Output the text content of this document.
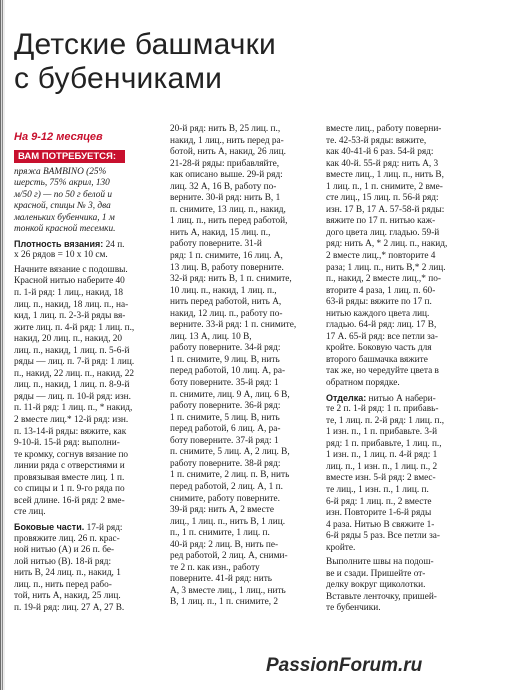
Детские башмачки
с бубенчиками
На 9-12 месяцев
ВАМ ПОТРЕБУЕТСЯ:
пряжа BAMBINO (25%
шерсть, 75% акрил, 130
м/50 г) — по 50 г белой и
красной, спицы № 3, два
маленьких бубенчика, 1 м
тонкой красной тесемки.
Плотность вязания: 24 п.
х 26 рядов = 10 х 10 см.
Начните вязание с подошвы.
Красной нитью наберите 40
п. 1-й ряд: 1 лиц., накид, 18
лиц. п., накид, 18 лиц. п., на-
кид, 1 лиц. п. 2-3-й ряды вя-
жите лиц. п. 4-й ряд: 1 лиц. п.,
накид, 20 лиц. п., накид, 20
лиц. п., накид, 1 лиц. п. 5-6-й
ряды — лиц. п. 7-й ряд: 1 лиц.
п., накид, 22 лиц. п., накид, 22
лиц. п., накид, 1 лиц. п. 8-9-й
ряды — лиц. п. 10-й ряд: изн.
п. 11-й ряд: 1 лиц. п., * накид,
2 вместе лиц.* 12-й ряд: изн.
п. 13-14-й ряды: вяжите, как
9-10-й. 15-й ряд: выполни-
те кромку, согнув вязание по
линии ряда с отверстиями и
провязывая вместе лиц. 1 п.
со спицы и 1 п. 9-го ряда по
всей длине. 16-й ряд: 2 вме-
сте лиц.
Боковые части. 17-й ряд:
провяжите лиц. 26 п. крас-
ной нитью (А) и 26 п. бе-
лой нитью (В). 18-й ряд:
нить В, 24 лиц. п., накид, 1
лиц. п., нить перед рабо-
той, нить А, накид, 25 лиц.
п. 19-й ряд: лиц. 27 А, 27 В.
20-й ряд: нить В, 25 лиц. п.,
накид, 1 лиц., нить перед ра-
ботой, нить А, накид, 26 лиц.
21-28-й ряды: прибавляйте,
как описано выше. 29-й ряд:
лиц. 32 А, 16 В, работу по-
верните. 30-й ряд: нить В, 1
п. снимите, 13 лиц. п., накид,
1 лиц. п., нить перед работой,
нить А, накид, 15 лиц. п.,
работу поверните. 31-й
ряд: 1 п. снимите, 16 лиц. А,
13 лиц. В, работу поверните.
32-й ряд: нить В, 1 п. снимите,
10 лиц. п., накид, 1 лиц. п.,
нить перед работой, нить А,
накид, 12 лиц. п., работу по-
верните. 33-й ряд: 1 п. снимите,
лиц. 13 А, лиц. 10 В,
работу поверните. 34-й ряд:
1 п. снимите, 9 лиц. В, нить
перед работой, 10 лиц. А, ра-
боту поверните. 35-й ряд: 1
п. снимите, лиц. 9 А, лиц. 6 В,
работу поверните. 36-й ряд:
1 п. снимите, 5 лиц. В, нить
перед работой, 6 лиц. А, ра-
боту поверните. 37-й ряд: 1
п. снимите, 5 лиц. А, 2 лиц. В,
работу поверните. 38-й ряд:
1 п. снимите, 2 лиц. п. В, нить
перед работой, 2 лиц. А, 1 п.
снимите, работу поверните.
39-й ряд: нить А, 2 вместе
лиц., 1 лиц. п., нить В, 1 лиц.
п., 1 п. снимите, 1 лиц. п.
40-й ряд: 2 лиц. В, нить пе-
ред работой, 2 лиц. А, сними-
те 2 п. как изн., работу
поверните. 41-й ряд: нить
А, 3 вместе лиц., 1 лиц., нить
В, 1 лиц. п., 1 п. снимите, 2
вместе лиц., работу поверни-
те. 42-53-й ряды: вяжите,
как 40-41-й 6 раз. 54-й ряд:
как 40-й. 55-й ряд: нить А, 3
вместе лиц., 1 лиц. п., нить В,
1 лиц. п., 1 п. снимите, 2 вме-
сте лиц., 15 лиц. п. 56-й ряд:
изн. 17 В, 17 А. 57-58-й ряды:
вяжите по 17 п. нитью каж-
дого цвета лиц. гладью. 59-й
ряд: нить А, * 2 лиц. п., накид,
2 вместе лиц.,* повторите 4
раза; 1 лиц. п., нить В,* 2 лиц.
п., накид, 2 вместе лиц.,* по-
вторите 4 раза, 1 лиц. п. 60-
63-й ряды: вяжите по 17 п.
нитью каждого цвета лиц.
гладью. 64-й ряд: лиц. 17 В,
17 А. 65-й ряд: все петли за-
кройте. Боковую часть для
второго башмачка вяжите
так же, но чередуйте цвета в
обратном порядке.
Отделка: нитью А набери-
те 2 п. 1-й ряд: 1 п. прибавь-
те, 1 лиц. п. 2-й ряд: 1 лиц. п.,
1 изн. п., 1 п. прибавьте. 3-й
ряд: 1 п. прибавьте, 1 лиц. п.,
1 изн. п., 1 лиц. п. 4-й ряд: 1
лиц. п., 1 изн. п., 1 лиц. п., 2
вместе изн. 5-й ряд: 2 вмес-
те лиц., 1 изн. п., 1 лиц. п.
6-й ряд: 1 лиц. п., 2 вместе
изн. Повторите 1-6-й ряды
4 раза. Нитью В свяжите 1-
6-й ряды 5 раз. Все петли за-
кройте.
Выполните швы на подош-
ве и сзади. Пришейте от-
делку вокруг щиколотки.
Вставьте ленточку, пришей-
те бубенчики.
PassionForum.ru
